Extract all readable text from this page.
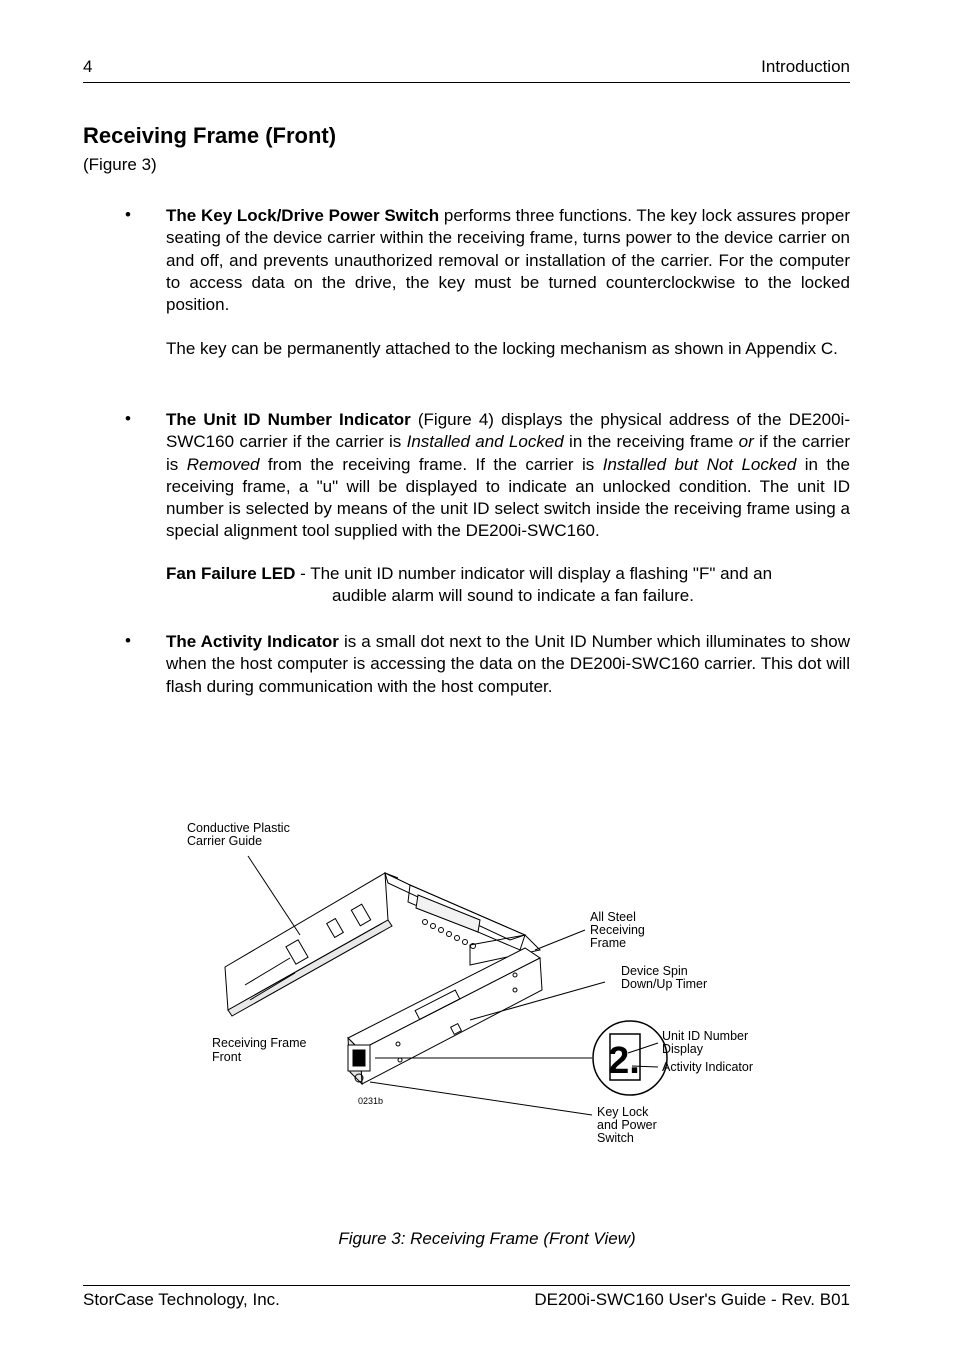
4	Introduction
Receiving Frame (Front)
(Figure 3)
• The Key Lock/Drive Power Switch performs three functions. The key lock assures proper seating of the device carrier within the receiving frame, turns power to the device carrier on and off, and prevents unauthorized removal or installation of the carrier. For the computer to access data on the drive, the key must be turned counterclockwise to the locked position.

The key can be permanently attached to the locking mechanism as shown in Appendix C.

• The Unit ID Number Indicator (Figure 4) displays the physical address of the DE200i-SWC160 carrier if the carrier is Installed and Locked in the receiving frame or if the carrier is Removed from the receiving frame. If the carrier is Installed but Not Locked in the receiving frame, a "u" will be displayed to indicate an unlocked condition. The unit ID number is selected by means of the unit ID select switch inside the receiving frame using a special alignment tool supplied with the DE200i-SWC160.

Fan Failure LED - The unit ID number indicator will display a flashing "F" and an
audible alarm will sound to indicate a fan failure.
• The Activity Indicator is a small dot next to the Unit ID Number which illuminates to show when the host computer is accessing the data on the DE200i-SWC160 carrier. This dot will flash during communication with the host computer.

2.
Conductive Plastic
Carrier Guide
All Steel
Receiving
Frame
Device Spin
Down/Up Timer
Receiving Frame
Front
Unit ID Number
Display
Activity Indicator
0231b
Key Lock
and Power
Switch
Figure 3: Receiving Frame (Front View)
StorCase Technology, Inc.	DE200i-SWC160 User's Guide - Rev. B01
